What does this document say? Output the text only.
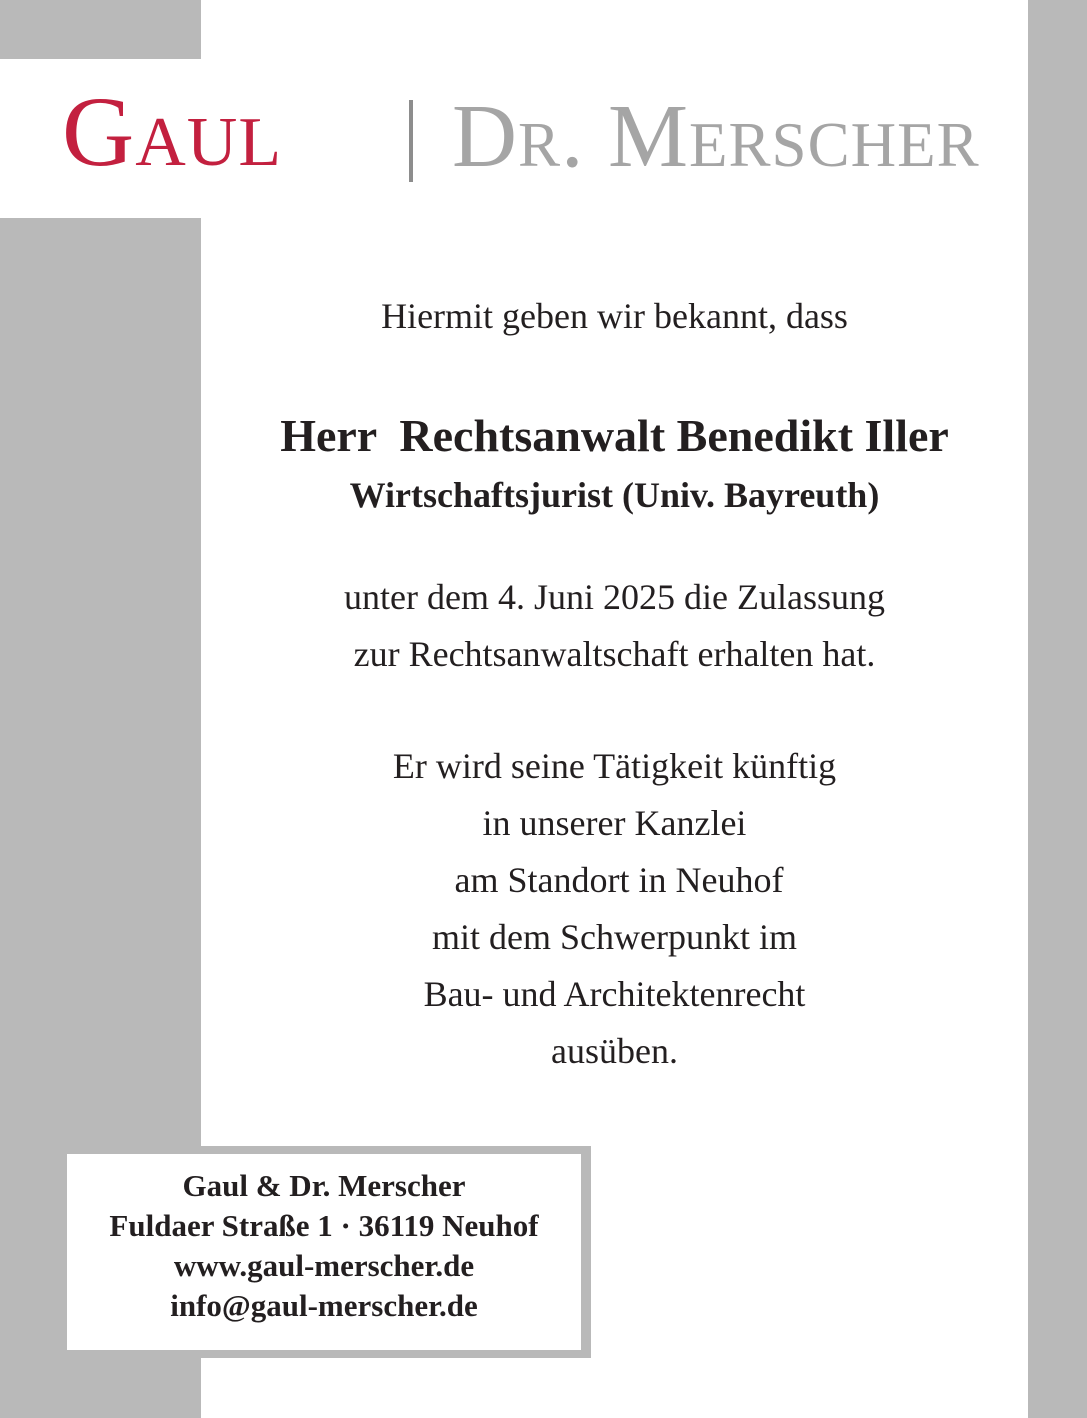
Gaul Dr. Merscher
Hiermit geben wir bekannt, dass
Herr  Rechtsanwalt Benedikt Iller
Wirtschaftsjurist (Univ. Bayreuth)
unter dem 4. Juni 2025 die Zulassung
zur Rechtsanwaltschaft erhalten hat.
Er wird seine Tätigkeit künftig
in unserer Kanzlei
am Standort in Neuhof
mit dem Schwerpunkt im
Bau- und Architektenrecht
ausüben.
Gaul & Dr. Merscher
Fuldaer Straße 1 · 36119 Neuhof
www.gaul-merscher.de
info@gaul-merscher.de
